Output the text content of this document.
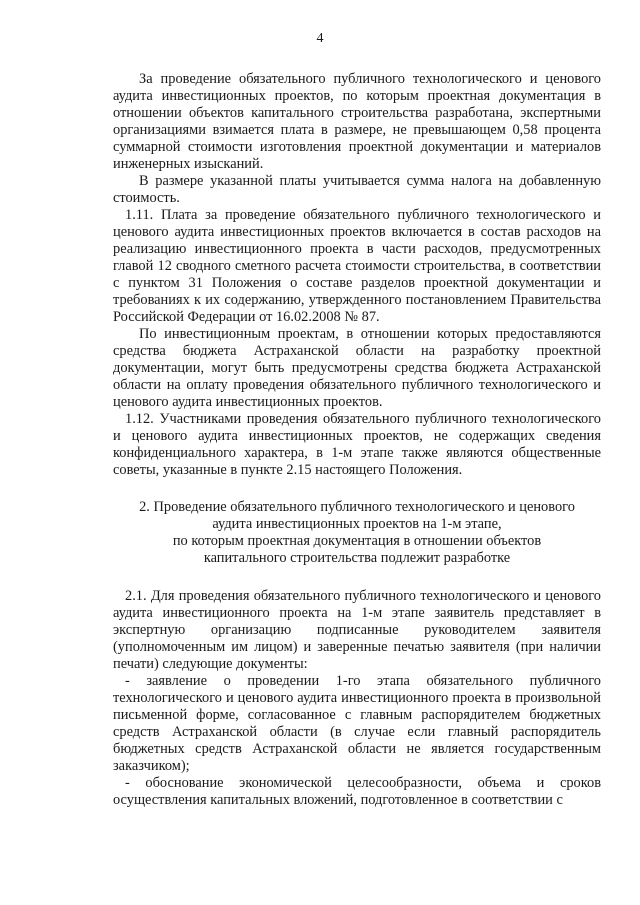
4

За проведение обязательного публичного технологического и ценового аудита инвестиционных проектов, по которым проектная документация в отношении объектов капитального строительства разработана, экспертными организациями взимается плата в размере, не превышающем 0,58 процента суммарной стоимости изготовления проектной документации и материалов инженерных изысканий.

В размере указанной платы учитывается сумма налога на добавленную стоимость.

1.11. Плата за проведение обязательного публичного технологического и ценового аудита инвестиционных проектов включается в состав расходов на реализацию инвестиционного проекта в части расходов, предусмотренных главой 12 сводного сметного расчета стоимости строительства, в соответствии с пунктом 31 Положения о составе разделов проектной документации и требованиях к их содержанию, утвержденного постановлением Правительства Российской Федерации от 16.02.2008 № 87.

По инвестиционным проектам, в отношении которых предоставляются средства бюджета Астраханской области на разработку проектной документации, могут быть предусмотрены средства бюджета Астраханской области на оплату проведения обязательного публичного технологического и ценового аудита инвестиционных проектов.

1.12. Участниками проведения обязательного публичного технологического и ценового аудита инвестиционных проектов, не содержащих сведения конфиденциального характера, в 1-м этапе также являются общественные советы, указанные в пункте 2.15 настоящего Положения.

2. Проведение обязательного публичного технологического и ценового
аудита инвестиционных проектов на 1-м этапе,
по которым проектная документация в отношении объектов
капитального строительства подлежит разработке

2.1. Для проведения обязательного публичного технологического и ценового аудита инвестиционного проекта на 1-м этапе заявитель представляет в экспертную организацию подписанные руководителем заявителя (уполномоченным им лицом) и заверенные печатью заявителя (при наличии печати) следующие документы:

- заявление о проведении 1-го этапа обязательного публичного технологического и ценового аудита инвестиционного проекта в произвольной письменной форме, согласованное с главным распорядителем бюджетных средств Астраханской области (в случае если главный распорядитель бюджетных средств Астраханской области не является государственным заказчиком);

- обоснование экономической целесообразности, объема и сроков осуществления капитальных вложений, подготовленное в соответствии с
